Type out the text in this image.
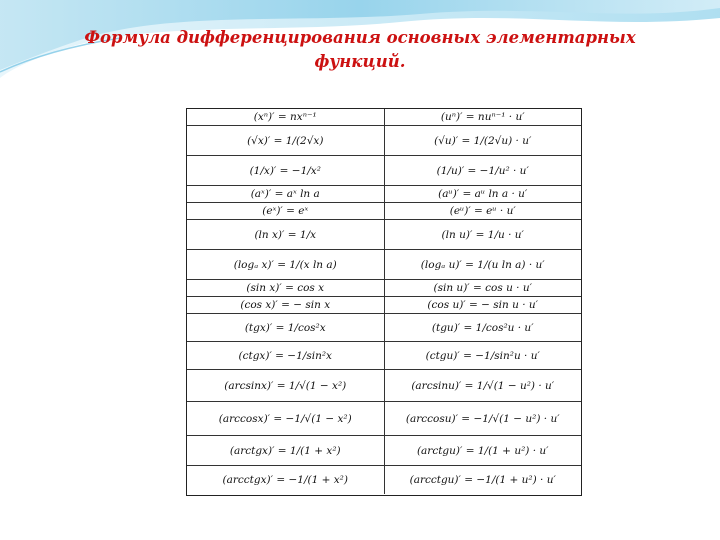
Формула дифференцирования основных элементарных
функций.
(xⁿ)′ = nxⁿ⁻¹	(uⁿ)′ = nuⁿ⁻¹ · u′
(√x)′ = 1/(2√x)	(√u)′ = 1/(2√u) · u′
(1/x)′ = −1/x²	(1/u)′ = −1/u² · u′
(aˣ)′ = aˣ ln a	(aᵘ)′ = aᵘ ln a · u′
(eˣ)′ = eˣ	(eᵘ)′ = eᵘ · u′
(ln x)′ = 1/x	(ln u)′ = 1/u · u′
(logₐ x)′ = 1/(x ln a)	(logₐ u)′ = 1/(u ln a) · u′
(sin x)′ = cos x	(sin u)′ = cos u · u′
(cos x)′ = − sin x	(cos u)′ = − sin u · u′
(tgx)′ = 1/cos²x	(tgu)′ = 1/cos²u · u′
(ctgx)′ = −1/sin²x	(ctgu)′ = −1/sin²u · u′
(arcsinx)′ = 1/√(1 − x²)	(arcsinu)′ = 1/√(1 − u²) · u′
(arccosx)′ = −1/√(1 − x²)	(arccosu)′ = −1/√(1 − u²) · u′
(arctgx)′ = 1/(1 + x²)	(arctgu)′ = 1/(1 + u²) · u′
(arcctgx)′ = −1/(1 + x²)	(arcctgu)′ = −1/(1 + u²) · u′
